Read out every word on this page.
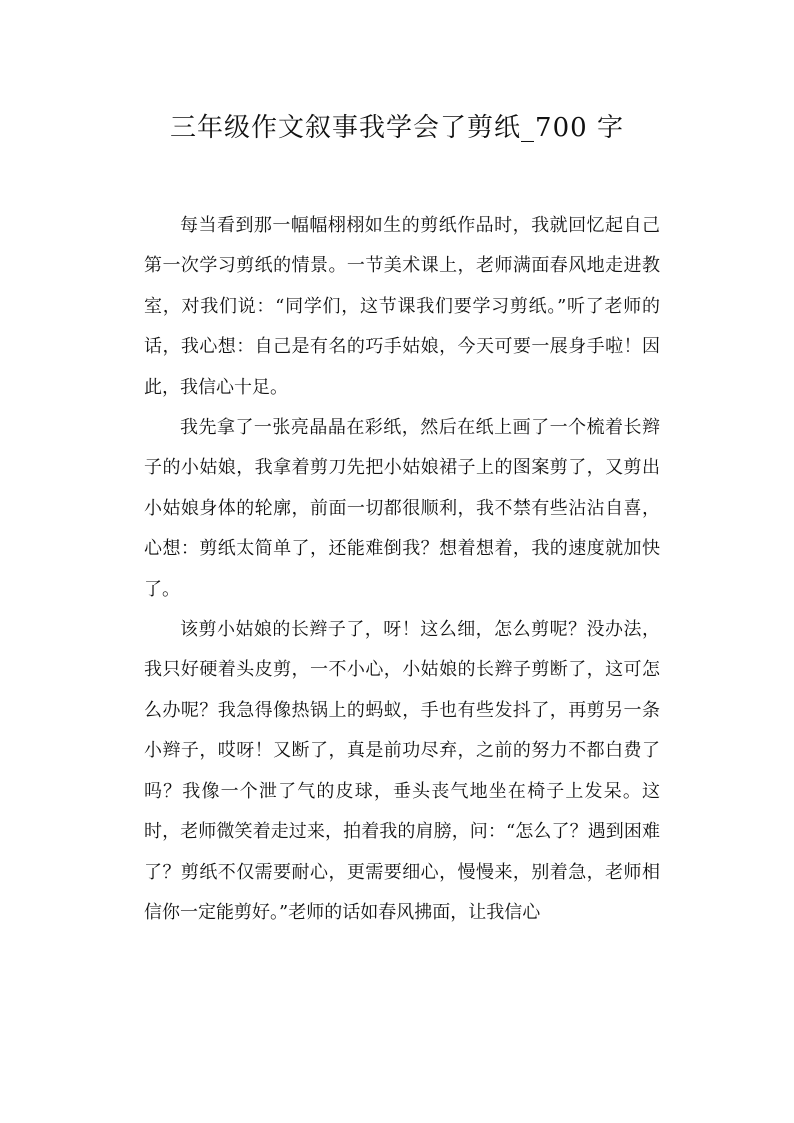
三年级作文叙事我学会了剪纸_700 字

每当看到那一幅幅栩栩如生的剪纸作品时，我就回忆起自己第一次学习剪纸的情景。一节美术课上，老师满面春风地走进教室，对我们说：“同学们，这节课我们要学习剪纸。”听了老师的话，我心想：自己是有名的巧手姑娘，今天可要一展身手啦！因此，我信心十足。

我先拿了一张亮晶晶在彩纸，然后在纸上画了一个梳着长辫子的小姑娘，我拿着剪刀先把小姑娘裙子上的图案剪了，又剪出小姑娘身体的轮廓，前面一切都很顺利，我不禁有些沾沾自喜，心想：剪纸太简单了，还能难倒我？想着想着，我的速度就加快了。

该剪小姑娘的长辫子了，呀！这么细，怎么剪呢？没办法，我只好硬着头皮剪，一不小心，小姑娘的长辫子剪断了，这可怎么办呢？我急得像热锅上的蚂蚁，手也有些发抖了，再剪另一条小辫子，哎呀！又断了，真是前功尽弃，之前的努力不都白费了吗？我像一个泄了气的皮球，垂头丧气地坐在椅子上发呆。这时，老师微笑着走过来，拍着我的肩膀，问：“怎么了？遇到困难了？剪纸不仅需要耐心，更需要细心，慢慢来，别着急，老师相信你一定能剪好。”老师的话如春风拂面，让我信心
